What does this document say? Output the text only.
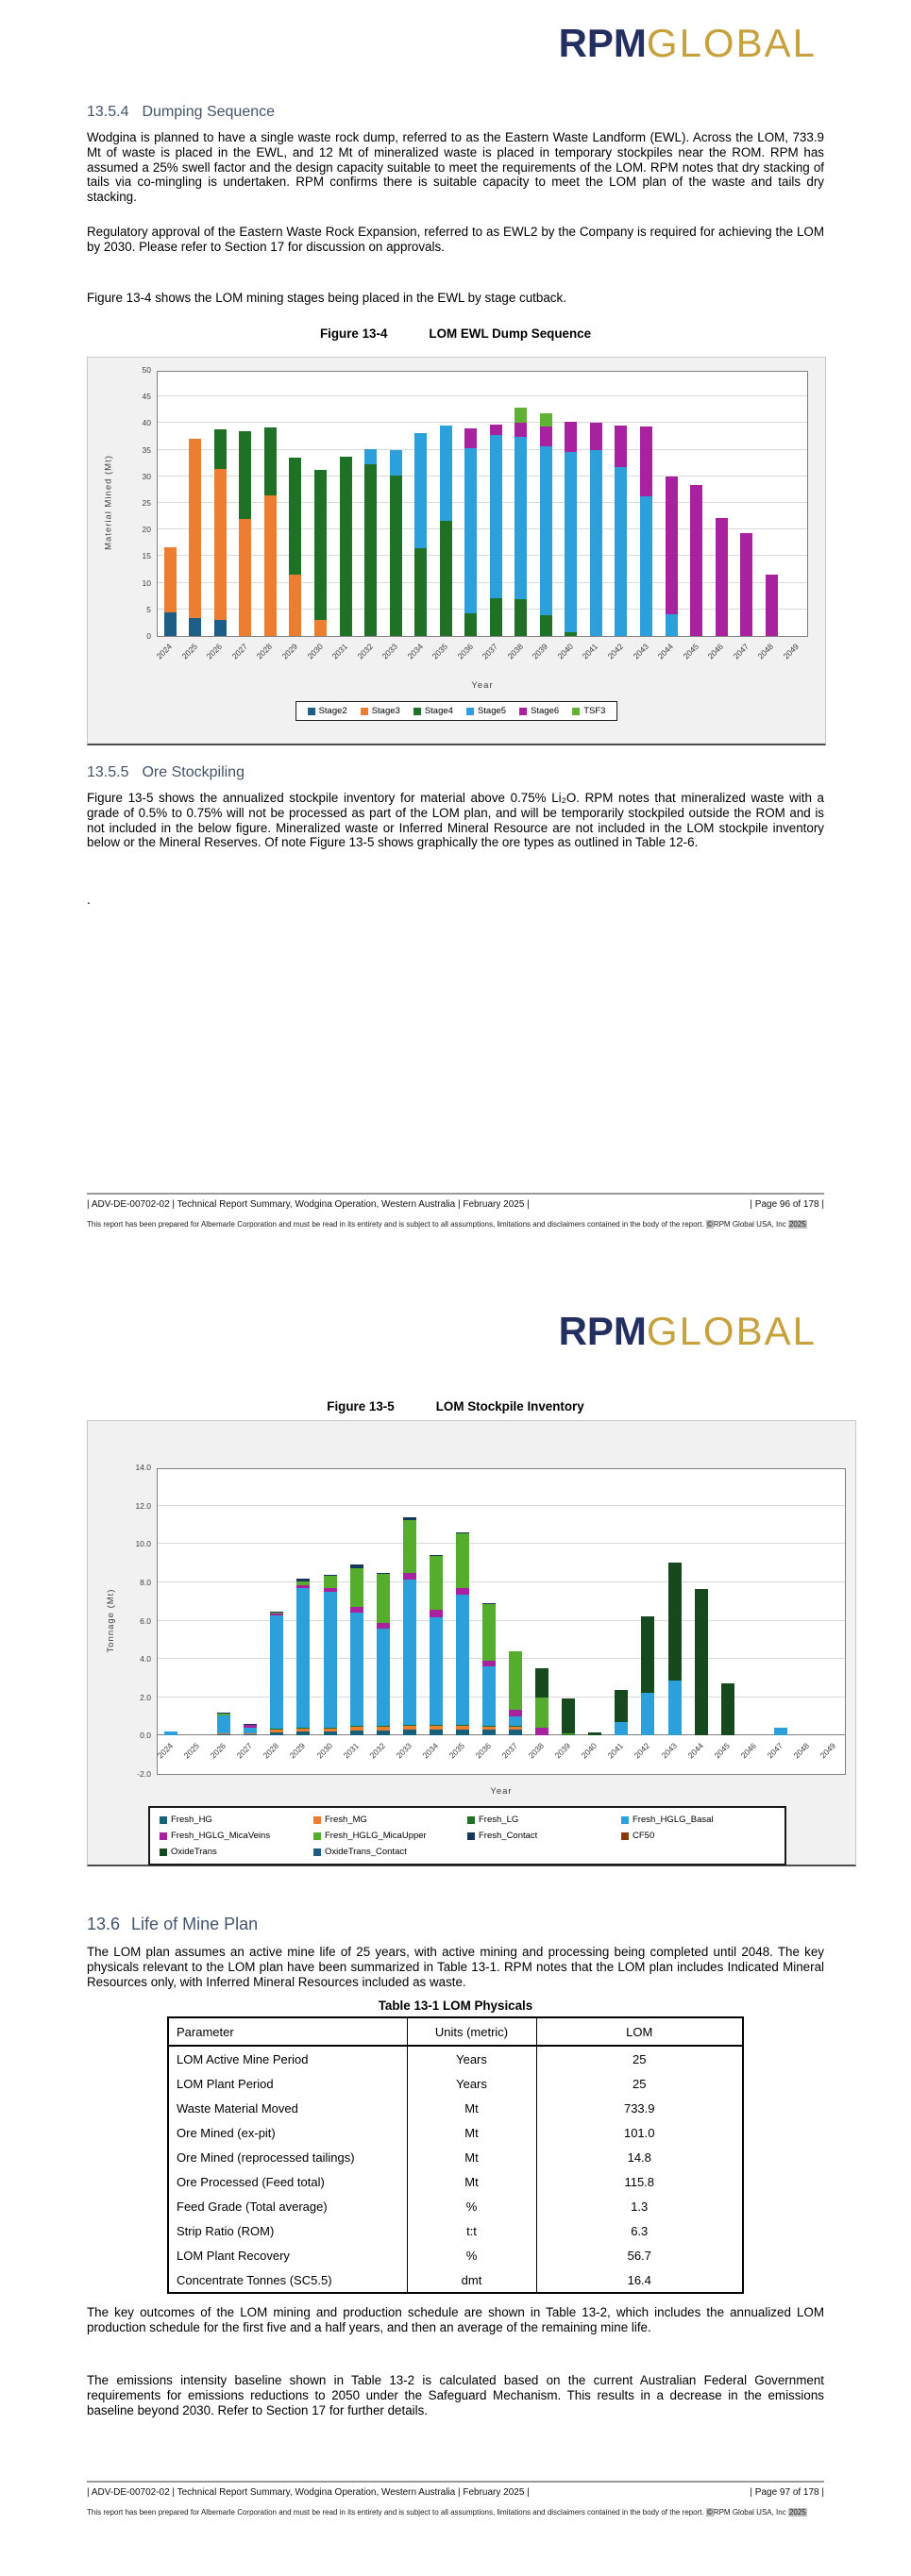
RPMGLOBAL
13.5.4 Dumping Sequence
Wodgina is planned to have a single waste rock dump, referred to as the Eastern Waste Landform (EWL). Across the LOM, 733.9 Mt of waste is placed in the EWL, and 12 Mt of mineralized waste is placed in temporary stockpiles near the ROM. RPM has assumed a 25% swell factor and the design capacity suitable to meet the requirements of the LOM. RPM notes that dry stacking of tails via co-mingling is undertaken. RPM confirms there is suitable capacity to meet the LOM plan of the waste and tails dry stacking.
Regulatory approval of the Eastern Waste Rock Expansion, referred to as EWL2 by the Company is required for achieving the LOM by 2030. Please refer to Section 17 for discussion on approvals.
Figure 13-4 shows the LOM mining stages being placed in the EWL by stage cutback.
Figure 13-4	LOM EWL Dump Sequence
0
5
10
15
20
25
30
35
40
45
50
2024 2025 2026 2027 2028 2029 2030 2031 2032 2033 2034 2035 2036 2037 2038 2039 2040 2041 2042 2043 2044 2045 2046 2047 2048 2049
Year
Material Mined (Mt)
Stage2	Stage3	Stage4	Stage5	Stage6	TSF3
13.5.5 Ore Stockpiling
Figure 13-5 shows the annualized stockpile inventory for material above 0.75% Li₂O. RPM notes that mineralized waste with a grade of 0.5% to 0.75% will not be processed as part of the LOM plan, and will be temporarily stockpiled outside the ROM and is not included in the below figure. Mineralized waste or Inferred Mineral Resource are not included in the LOM stockpile inventory below or the Mineral Reserves. Of note Figure 13-5 shows graphically the ore types as outlined in Table 12-6.
.
| ADV-DE-00702-02 | Technical Report Summary, Wodgina Operation, Western Australia | February 2025 |	| Page 96 of 178 |
This report has been prepared for Albemarle Corporation and must be read in its entirety and is subject to all assumptions, limitations and disclaimers contained in the body of the report. ©RPM Global USA, Inc 2025
RPMGLOBAL
Figure 13-5	LOM Stockpile Inventory
-2.0
0.0
2.0
4.0
6.0
8.0
10.0
12.0
14.0
2024 2025 2026 2027 2028 2029 2030 2031 2032 2033 2034 2035 2036 2037 2038 2039 2040 2041 2042 2043 2044 2045 2046 2047 2048 2049
Year
Tonnage (Mt)
Fresh_HG	Fresh_MG	Fresh_LG	Fresh_HGLG_Basal
Fresh_HGLG_MicaVeins	Fresh_HGLG_MicaUpper	Fresh_Contact	CF50
OxideTrans	OxideTrans_Contact
13.6 Life of Mine Plan
The LOM plan assumes an active mine life of 25 years, with active mining and processing being completed until 2048. The key physicals relevant to the LOM plan have been summarized in Table 13-1. RPM notes that the LOM plan includes Indicated Mineral Resources only, with Inferred Mineral Resources included as waste.
Table 13-1 LOM Physicals
Parameter	Units (metric)	LOM
LOM Active Mine Period	Years	25
LOM Plant Period	Years	25
Waste Material Moved	Mt	733.9
Ore Mined (ex-pit)	Mt	101.0
Ore Mined (reprocessed tailings)	Mt	14.8
Ore Processed (Feed total)	Mt	115.8
Feed Grade (Total average)	%	1.3
Strip Ratio (ROM)	t:t	6.3
LOM Plant Recovery	%	56.7
Concentrate Tonnes (SC5.5)	dmt	16.4
The key outcomes of the LOM mining and production schedule are shown in Table 13-2, which includes the annualized LOM production schedule for the first five and a half years, and then an average of the remaining mine life.
The emissions intensity baseline shown in Table 13-2 is calculated based on the current Australian Federal Government requirements for emissions reductions to 2050 under the Safeguard Mechanism. This results in a decrease in the emissions baseline beyond 2030. Refer to Section 17 for further details.
| ADV-DE-00702-02 | Technical Report Summary, Wodgina Operation, Western Australia | February 2025 |	| Page 97 of 178 |
This report has been prepared for Albemarle Corporation and must be read in its entirety and is subject to all assumptions, limitations and disclaimers contained in the body of the report. ©RPM Global USA, Inc 2025
